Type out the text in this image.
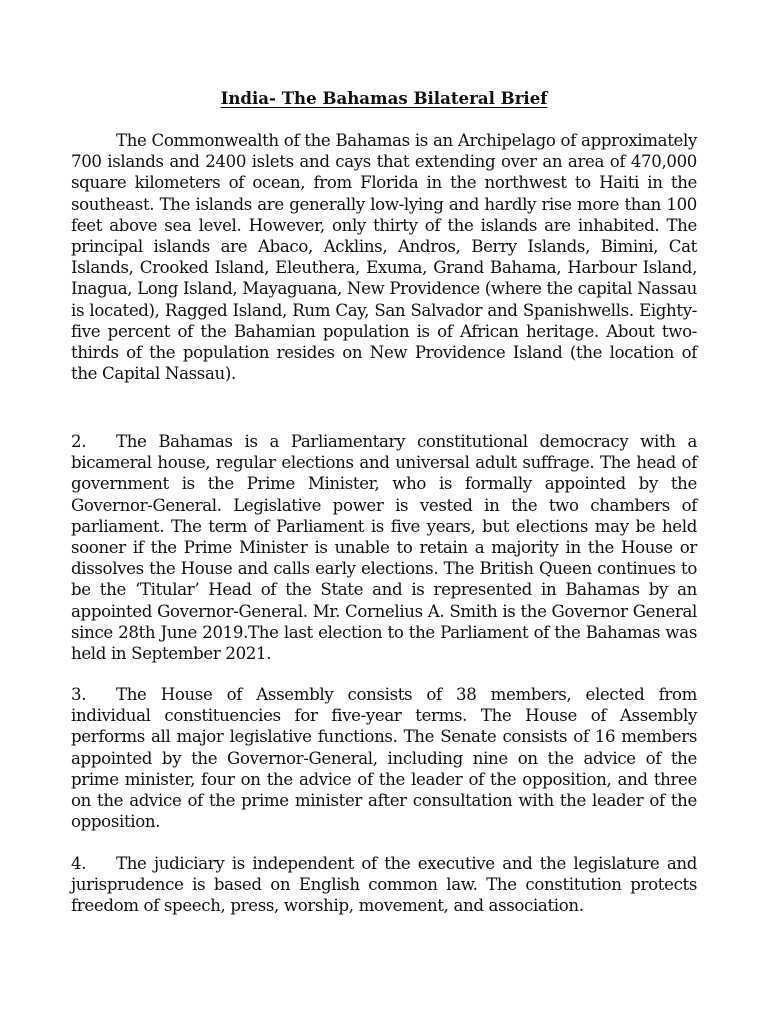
India- The Bahamas Bilateral Brief

The Commonwealth of the Bahamas is an Archipelago of approximately 700 islands and 2400 islets and cays that extending over an area of 470,000 square kilometers of ocean, from Florida in the northwest to Haiti in the southeast. The islands are generally low-lying and hardly rise more than 100 feet above sea level. However, only thirty of the islands are inhabited. The principal islands are Abaco, Acklins, Andros, Berry Islands, Bimini, Cat Islands, Crooked Island, Eleuthera, Exuma, Grand Bahama, Harbour Island, Inagua, Long Island, Mayaguana, New Providence (where the capital Nassau is located), Ragged Island, Rum Cay, San Salvador and Spanishwells. Eighty-five percent of the Bahamian population is of African heritage. About two-thirds of the population resides on New Providence Island (the location of the Capital Nassau).

2. The Bahamas is a Parliamentary constitutional democracy with a bicameral house, regular elections and universal adult suffrage. The head of government is the Prime Minister, who is formally appointed by the Governor-General. Legislative power is vested in the two chambers of parliament. The term of Parliament is five years, but elections may be held sooner if the Prime Minister is unable to retain a majority in the House or dissolves the House and calls early elections. The British Queen continues to be the ‘Titular’ Head of the State and is represented in Bahamas by an appointed Governor-General. Mr. Cornelius A. Smith is the Governor General since 28th June 2019.The last election to the Parliament of the Bahamas was held in September 2021.

3. The House of Assembly consists of 38 members, elected from individual constituencies for five-year terms. The House of Assembly performs all major legislative functions. The Senate consists of 16 members appointed by the Governor-General, including nine on the advice of the prime minister, four on the advice of the leader of the opposition, and three on the advice of the prime minister after consultation with the leader of the opposition.

4. The judiciary is independent of the executive and the legislature and jurisprudence is based on English common law. The constitution protects freedom of speech, press, worship, movement, and association.
